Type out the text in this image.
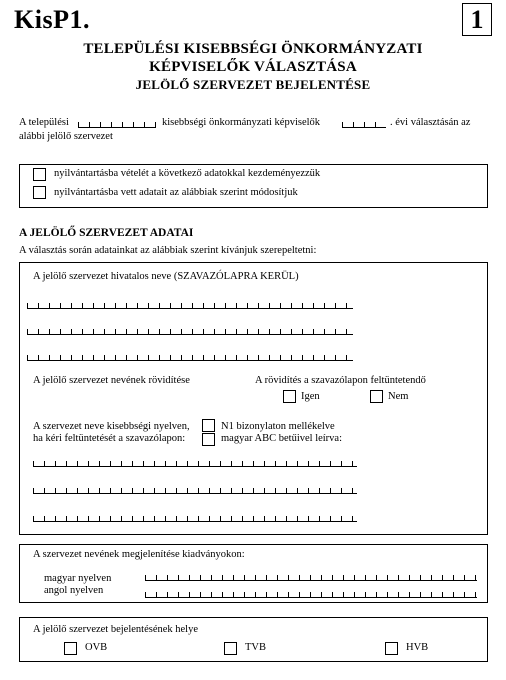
KisP1.	1
TELEPÜLÉSI KISEBBSÉGI ÖNKORMÁNYZATI
KÉPVISELŐK VÁLASZTÁSA
JELÖLŐ SZERVEZET BEJELENTÉSE
A települési	kisebbségi önkormányzati képviselők	. évi választásán az
alábbi jelölő szervezet
nyilvántartásba vételét a következő adatokkal kezdeményezzük
nyilvántartásba vett adatait az alábbiak szerint módosítjuk
A JELÖLŐ SZERVEZET ADATAI
A választás során adatainkat az alábbiak szerint kívánjuk szerepeltetni:
A jelölő szervezet hivatalos neve (SZAVAZÓLAPRA KERÜL)
A jelölő szervezet nevének rövidítése	A rövidítés a szavazólapon feltüntetendő
Igen	Nem
A szervezet neve kisebbségi nyelven,
ha kéri feltüntetését a szavazólapon:
N1 bizonylaton mellékelve
magyar ABC betűivel leírva:
A szervezet nevének megjelenítése kiadványokon:
magyar nyelven
angol nyelven
A jelölő szervezet bejelentésének helye
OVB	TVB	HVB
